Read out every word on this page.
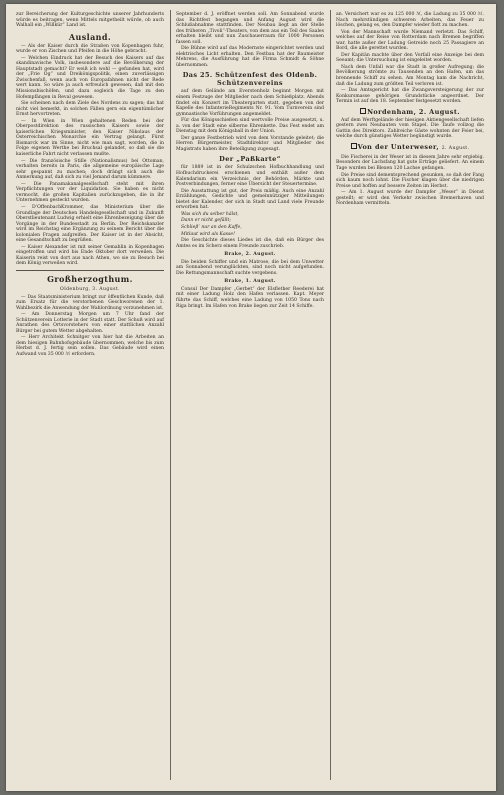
zur Bereicherung der Kulturgeschichte unserer Jahrhunderts würde es beitragen, wenn Mittels mitgetheilt würde, ob auch Walhall ein „Willkür“ Land ist.

Ausland.

— Als der Kaiser durch die Straßen von Kopenhagen fuhr, wurde er von Zischen und Pfeifen in die Höhe gebracht.

— Welchen Eindruck hat der Besuch des Kaisers auf das skandinavische Volk, insbesondere auf die Bevölkerung der Hauptstadt gemacht? Er weiß ich wohl — gefunden hat, wird der „Frie Og“ und Dreikönigspolitik, einen zuverlässigen Zwischenfall, wenn auch von Europafahnen nicht der Rede wert kann. So wäre ja auch erfreulich gewesen, daß mit den Missionsbischöfen, und dazu sogleich die Tage zu den Hofempfängen in Reval gewesen.

Sie scheinen nach dem Ziele des Nordens zu sagen; das hat nicht viel bemerkt, in solchen Fällen gern ein eigentümlicher Ernst hervortreten.

— In Wien in Wien gehaltenen Reden bei der Oberpostdirektion des russischen Kaisers sowie der kaiserlichen Kriegsminister, den Kaiser Nikolaus der Österreichischen Monarchie ein Vertrag gelangt. Fürst Bismarck war im Sinne, nicht wie man sagt, worden, die in Folge eigenen Werthe bei Bruchsal gelandet, so daß sie die kaiserliche Fahrt nicht verlassen mußte.

— Die französische Stille (Nationalismus) bei Ottoman, verhalten bereits in Paris, die allgemeine europäische Lage sehr gespannt zu machen; doch drängt sich auch die Anmerkung auf, daß sich zu viel Jemand darum kümmere.

— Die Panamakanalgesellschaft steht mit ihren Verpflichtungen vor der Liquidation. Sie haben es nicht vermocht, die großen Kapitalien zurückzugeben, die in ihr Unternehmen gesteckt wurden.

— D’OffenbachKrommer, das Ministerium über die Grundlage der Deutschen Handelsgesellschaft und in Zukunft Oberstlieutenant Ludwig erhielt eine Ehrenbezeigung über die Vorgänge in der Bundesstadt zu Berlin. Der Reichskanzler wird im Reichstag eine Ergänzung zu seinem Bericht über die kolonialen Fragen aufgreifen. Der Kaiser ist in der Absicht, eine Gesandtschaft zu begrüßen.

— Kaiser Alexander ist mit seiner Gemahlin in Kopenhagen eingetroffen und wird bis Ende Oktober dort verweilen. Die Kaiserin reist von dort aus nach Athen, wo sie zu Besuch bei dem König verweilen wird.

Großherzogthum.
Oldenburg, 3. August.

— Das Staatsministerium bringt zur öffentlichen Kunde, daß zum Ersatz für die verstorbenen Geschworenen der 1. Wahlbezirk die Anwendung der Wahlordnung vorzunehmen ist.

— Am Donnerstag Morgen um 7 Uhr fand der Schützenverein Lotterie in der Stadt statt. Der Schuß wird auf Anrathen des Ortsvorstehers von einer stattlichen Anzahl Bürger bei gutem Wetter abgehalten.

— Herr Architekt Schnitger von hier hat die Arbeiten an dem hiesigen Bahnhofsgebäude übernommen, welche bis zum Herbst d. J. fertig sein sollen. Das Gebäude wird einen Aufwand von 35 000 ℳ erfordern.

September d. J. eröffnet werden soll. Am Sonnabend wurde das Richtfest begangen und Anfang August wird die Schlußabnahme stattfinden. Der Neubau liegt an der Stelle des früheren „Tivoli“-Theaters, von dem aus ein Teil des Saales erhalten bleibt und nun Zuschauerraum für 1000 Personen fassen soll.

Die Bühne wird auf das Modernste eingerichtet werden und elektrisches Licht erhalten. Den Festbau hat der Baumeister Mehrens, die Ausführung hat die Firma Schmidt & Söhne übernommen.

Das 25. Schützenfest des Oldenb. Schützenvereins

auf dem Gelände am Everstenholz beginnt Morgen mit einem Festzuge der Mitglieder nach dem Schießplatz. Abends findet ein Konzert im Theatergarten statt, gegeben von der Kapelle des InfanterieRegiments Nr. 91. Vom Turnverein sind gymnastische Vorführungen angemeldet.

Für das Königsschießen sind wertvolle Preise ausgesetzt, u. a. von der Stadt eine silberne Ehrenkette. Das Fest endet am Dienstag mit dem Königsball in der Union.

Der ganze Festbetrieb wird von dem Vorstande geleitet; die Herren Bürgermeister, Stadtdirektor und Mitglieder des Magistrats haben ihre Beteiligung zugesagt.

Der „Paßkarte“

für 1889 ist in der Schulzschen Hofbuchhandlung und Hofbuchdruckerei erschienen und enthält außer dem Kalendarium ein Verzeichnis der Behörden, Märkte und Postverbindungen, ferner eine Übersicht der Steuertermine.

Die Ausstattung ist gut, der Preis mäßig. Auch eine Anzahl Erzählungen, Gedichte und gemeinnütziger Mitteilungen bietet der Kalender, der sich in Stadt und Land viele Freunde erworben hat.

Was sich du selber hälst,

Dann er nicht gefällt;

Schließ’ nur an den Kaffe,

Mitlaut wird als Kasse!

Die Geschichte dieses Liedes ist die, daß ein Bürger des Amtes es im Scherz einem Freunde zuschrieb.

Brake, 2. August.

Die beiden Schiffer und ein Matrose, die bei dem Unwetter am Sonnabend verunglückten, sind noch nicht aufgefunden. Die Rettungsmannschaft suchte vergebens.

Brake, 1. August.

Consul Der Dampfer „Gerbet“ der Elsflether Reederei hat mit einer Ladung Holz den Hafen verlassen. Kapt. Meyer führte das Schiff, welches eine Ladung von 1050 Tons nach Riga bringt. Im Hafen von Brake liegen zur Zeit 14 Schiffe.

an. Versichert war es zu 125 000 ℳ, die Ladung zu 35 000 ℳ. Nach mehrstündigen schweren Arbeiten, das Feuer zu löschen, gelang es, den Dampfer wieder flott zu machen.

Von der Mannschaft wurde Niemand verletzt. Das Schiff, welches auf der Reise von Rotterdam nach Bremen begriffen war, hatte außer der Ladung Getreide noch 25 Passagiere an Bord, die alle gerettet wurden.

Der Kapitän machte über den Vorfall eine Anzeige bei dem Seeamt; die Untersuchung ist eingeleitet worden.

Nach dem Unfall war die Stadt in großer Aufregung; die Bevölkerung strömte zu Tausenden an den Hafen, um das brennende Schiff zu sehen. Am Montag kam die Nachricht, daß die Ladung zum größten Teil verloren ist.

— Das Amtsgericht hat die Zwangsversteigerung der zur Konkursmasse gehörigen Grundstücke angeordnet. Der Termin ist auf den 18. September festgesetzt worden.

Nordenham, 2. August.

Auf dem Werftgelände der hiesigen Aktiengesellschaft liefen gestern zwei Neubauten vom Stapel. Die Taufe vollzog die Gattin des Direktors. Zahlreiche Gäste wohnten der Feier bei, welche durch günstiges Wetter begünstigt wurde.

Von der Unterweser, 2. August.

Die Fischerei in der Weser ist in diesem Jahre sehr ergiebig. Besonders der Lachsfang hat gute Erträge geliefert. An einem Tage wurden bei Blexen 120 Lachse gefangen.

Die Preise sind dementsprechend gesunken, so daß der Fang sich kaum noch lohnt. Die Fischer klagen über die niedrigen Preise und hoffen auf bessere Zeiten im Herbst.

— Am 1. August wurde der Dampfer „Weser“ in Dienst gestellt; er wird den Verkehr zwischen Bremerhaven und Nordenham vermitteln.
